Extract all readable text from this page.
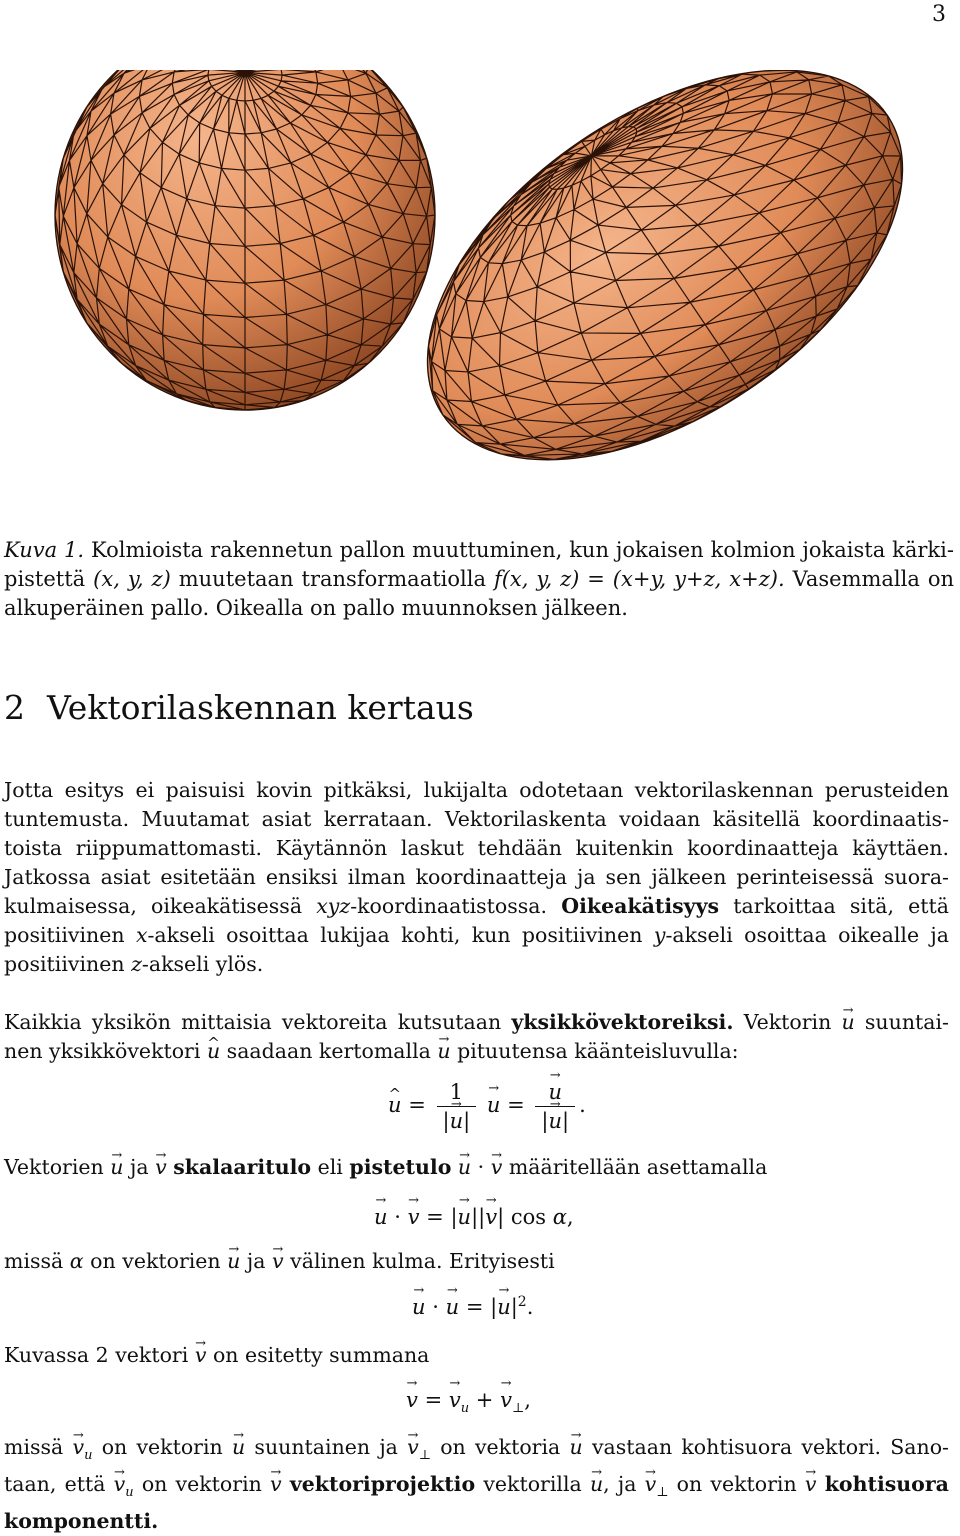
3
Kuva 1. Kolmioista rakennetun pallon muuttuminen, kun jokaisen kolmion jokaista kärki-pistettä (x, y, z) muutetaan transformaatiolla f(x, y, z) = (x+y, y+z, x+z). Vasemmalla on alkuperäinen pallo. Oikealla on pallo muunnoksen jälkeen.
2 Vektorilaskennan kertaus

Jotta esitys ei paisuisi kovin pitkäksi, lukijalta odotetaan vektorilaskennan perusteiden tuntemusta. Muutamat asiat kerrataan. Vektorilaskenta voidaan käsitellä koordinaatis-toista riippumattomasti. Käytännön laskut tehdään kuitenkin koordinaatteja käyttäen. Jatkossa asiat esitetään ensiksi ilman koordinaatteja ja sen jälkeen perinteisessä suora-kulmaisessa, oikeakätisessä xyz-koordinaatistossa. Oikeakätisyys tarkoittaa sitä, että positiivinen x-akseli osoittaa lukijaa kohti, kun positiivinen y-akseli osoittaa oikealle ja positiivinen z-akseli ylös.

Kaikkia yksikön mittaisia vektoreita kutsutaan yksikkövektoreiksi. Vektorin → u suuntai-nen yksikkövektori ^ u saadaan kertomalla → u pituutensa käänteisluvulla:

^ $u = \frac{1}{|\to u|}$
→ u =
→ $\frac{u}{|\to u|}$ .

Vektorien → u ja → v skalaaritulo eli pistetulo → u · → v määritellään asettamalla

→ u · → v = |→ u||→ v| cos α,

missä α on vektorien → u ja → v välinen kulma. Erityisesti

→ u · → u = |→ $u|^2$.

Kuvassa 2 vektori → v on esitetty summana

→ v = → $v_u$ + → $v_\perp$,

missä → $v_u$ on vektorin → u suuntainen ja → $v_\perp$ on vektoria → u vastaan kohtisuora vektori. Sano-taan, että → $v_u$ on vektorin → v vektoriprojektio vektorilla → u, ja → $v_\perp$ on vektorin → v kohtisuora komponentti.
